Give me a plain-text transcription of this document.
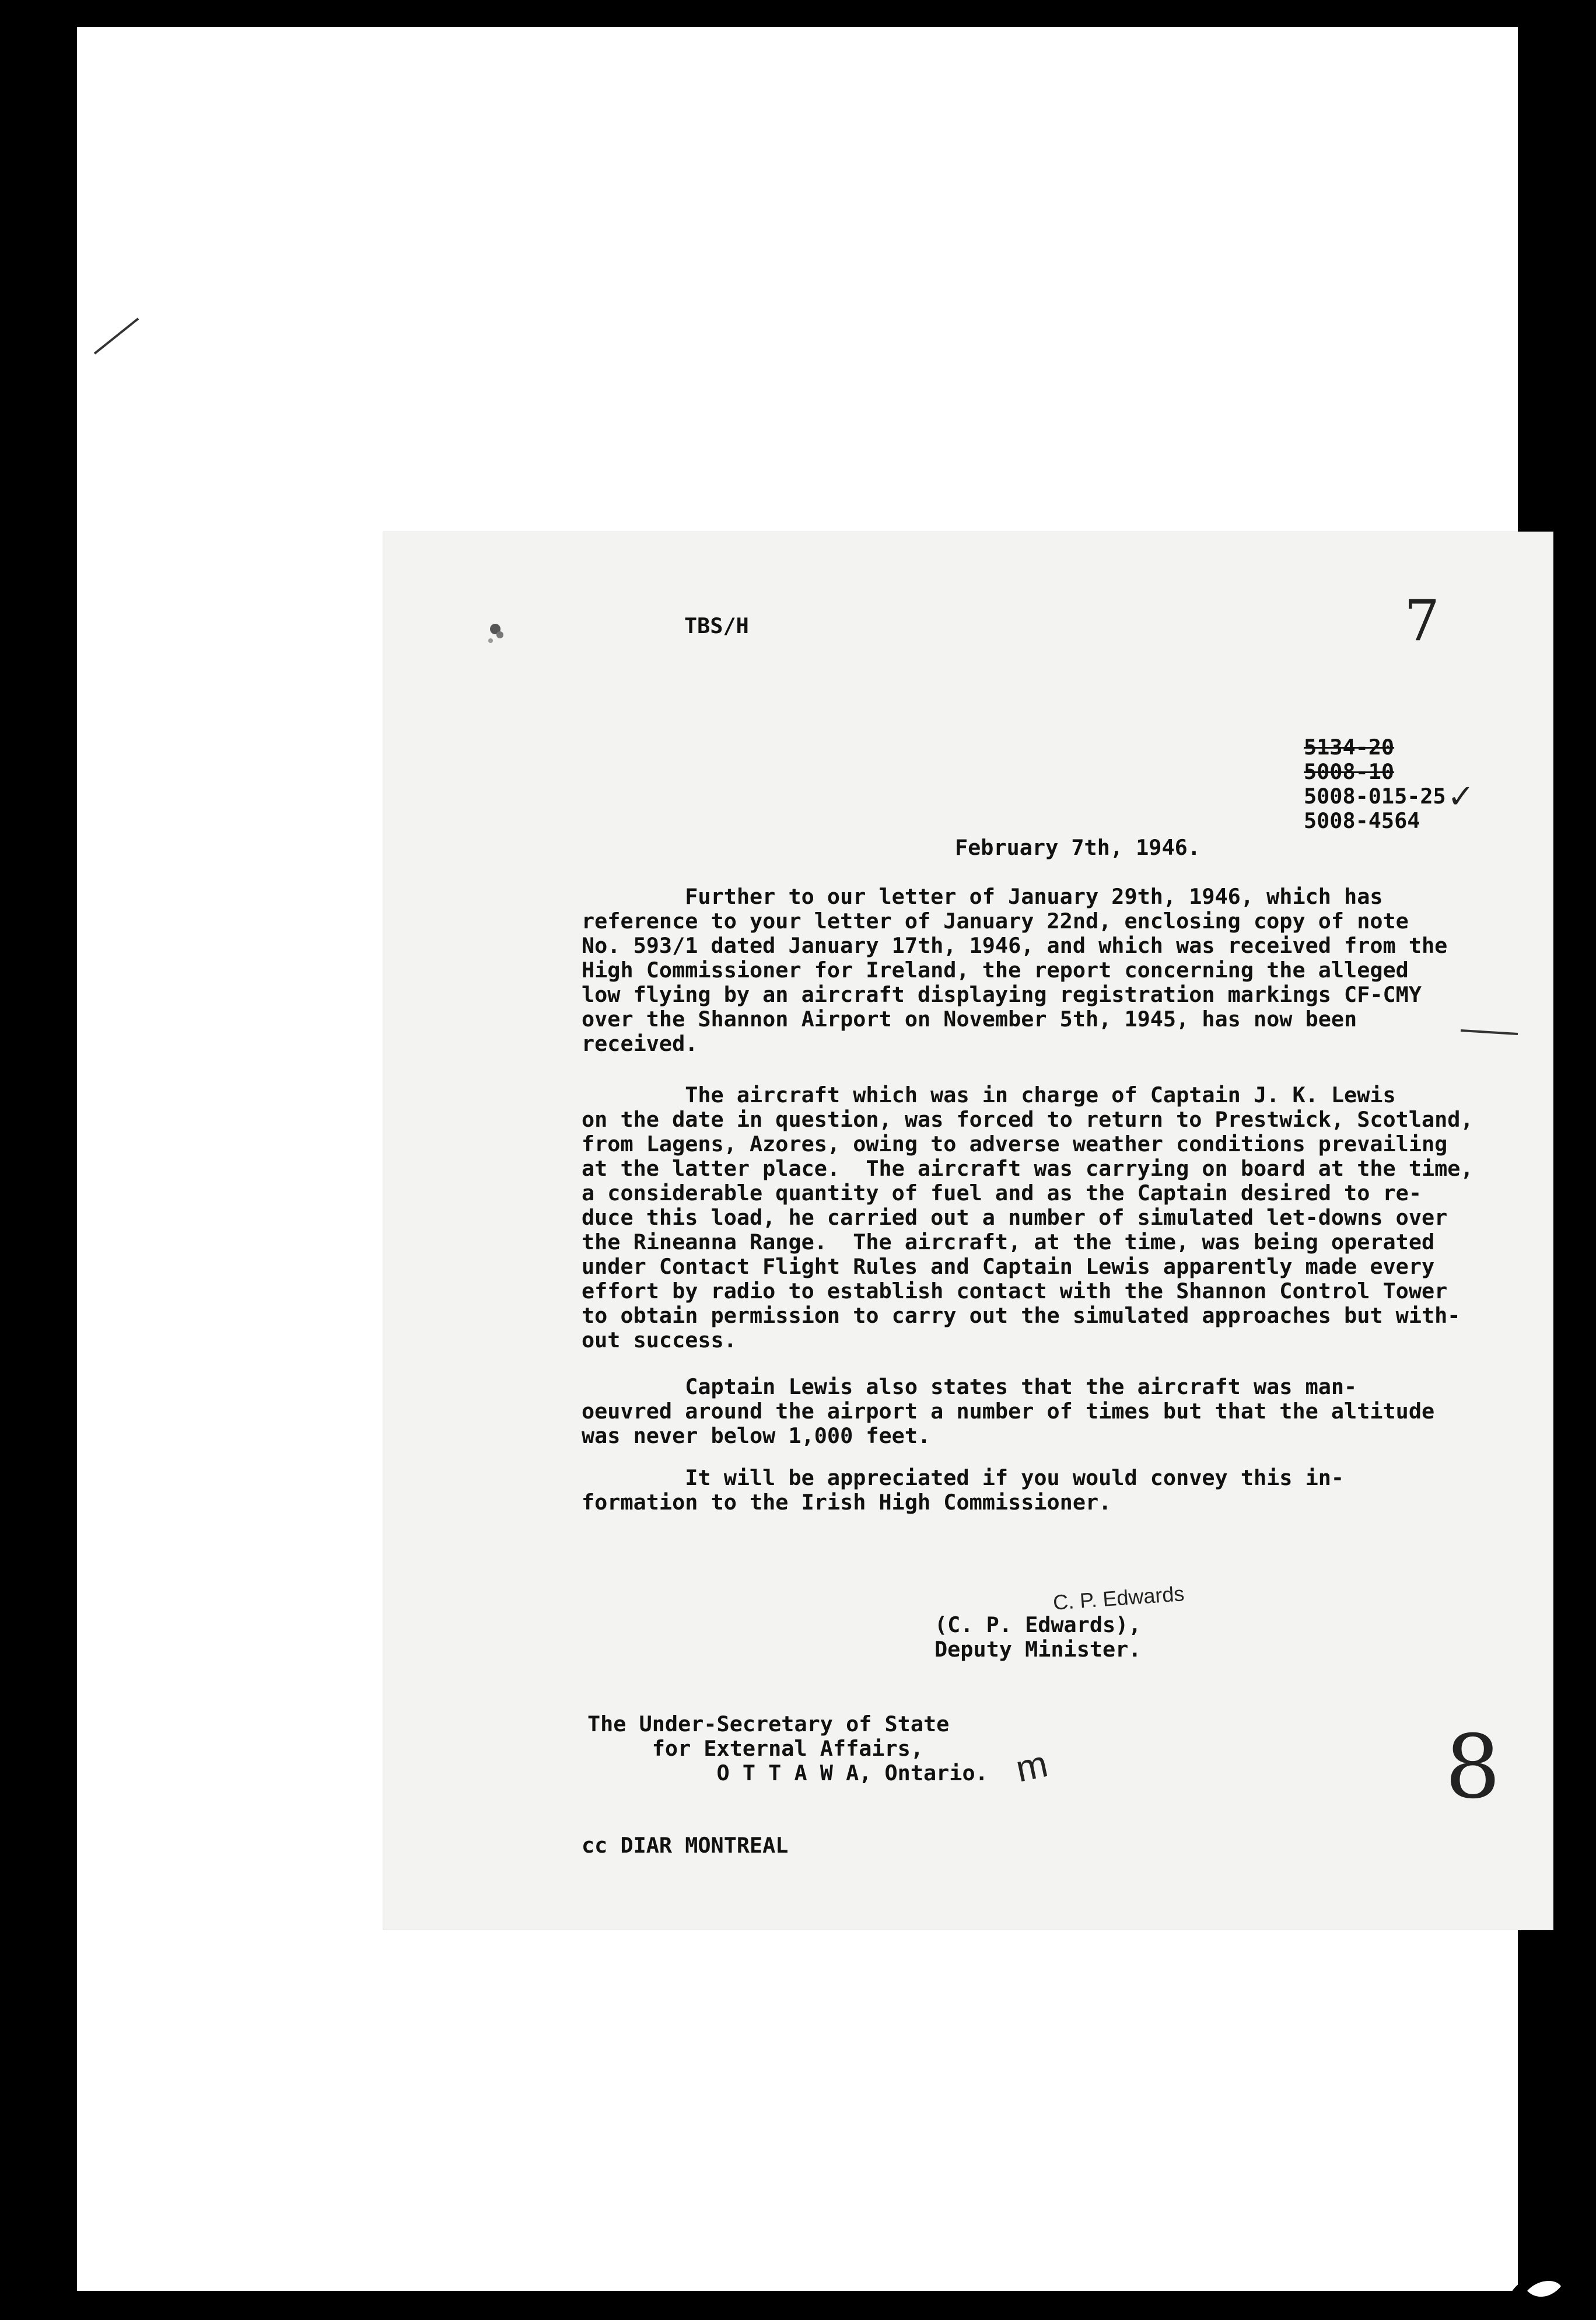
TBS/H	7
5134-20
5008-10
5008-015-25
5008-4564
✓
February 7th, 1946.
Further to our letter of January 29th, 1946, which has
reference to your letter of January 22nd, enclosing copy of note
No. 593/1 dated January 17th, 1946, and which was received from the
High Commissioner for Ireland, the report concerning the alleged
low flying by an aircraft displaying registration markings CF-CMY
over the Shannon Airport on November 5th, 1945, has now been
received.
The aircraft which was in charge of Captain J. K. Lewis
on the date in question, was forced to return to Prestwick, Scotland,
from Lagens, Azores, owing to adverse weather conditions prevailing
at the latter place.  The aircraft was carrying on board at the time,
a considerable quantity of fuel and as the Captain desired to re-
duce this load, he carried out a number of simulated let-downs over
the Rineanna Range.  The aircraft, at the time, was being operated
under Contact Flight Rules and Captain Lewis apparently made every
effort by radio to establish contact with the Shannon Control Tower
to obtain permission to carry out the simulated approaches but with-
out success.
Captain Lewis also states that the aircraft was man-
oeuvred around the airport a number of times but that the altitude
was never below 1,000 feet.
It will be appreciated if you would convey this in-
formation to the Irish High Commissioner.
C. P. Edwards
(C. P. Edwards),
Deputy Minister.
The Under-Secretary of State
for External Affairs,
O T T A W A, Ontario. m	8
cc DIAR MONTREAL
